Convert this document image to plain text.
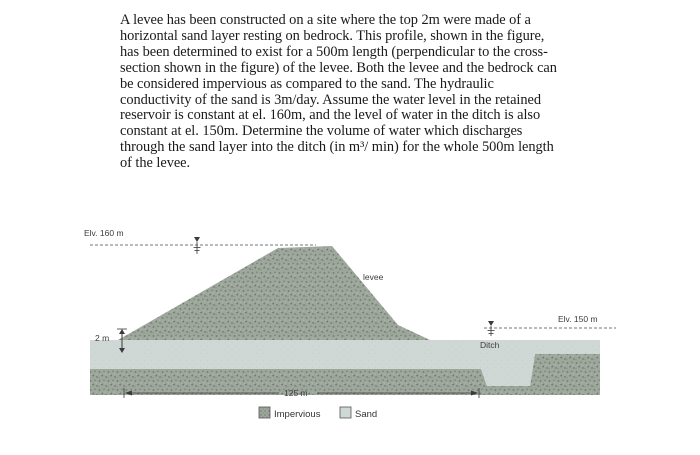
A levee has been constructed on a site where the top 2m were made of a
horizontal sand layer resting on bedrock. This profile, shown in the figure,
has been determined to exist for a 500m length (perpendicular to the cross-
section shown in the figure) of the levee. Both the levee and the bedrock can
be considered impervious as compared to the sand. The hydraulic
conductivity of the sand is 3m/day. Assume the water level in the retained
reservoir is constant at el. 160m, and the level of water in the ditch is also
constant at el. 150m. Determine the volume of water which discharges
through the sand layer into the ditch (in m³/ min) for the whole 500m length
of the levee.

Elv. 160 m
Elv. 150 m
levee
Ditch
2 m
125 m
Impervious	Sand
